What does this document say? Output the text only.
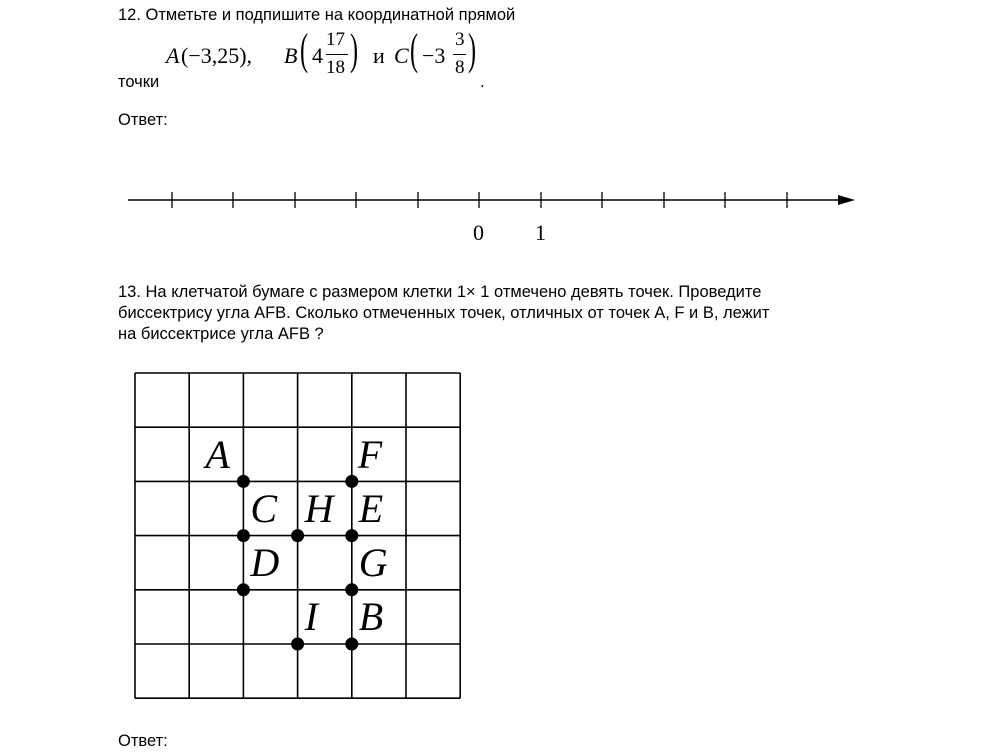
12. Отметьте и подпишите на координатной прямой
A (−3,25), B ( 4
17
18 ) и C ( −3
3
8 )
точки	.
Ответ:
0 1
13. На клетчатой бумаге с размером клетки 1× 1 отмечено девять точек. Проведите
биссектрису угла AFB. Сколько отмеченных точек, отличных от точек A, F и B, лежит
на биссектрисе угла AFB ?
A	F
C H E
D G
I B
Ответ:
